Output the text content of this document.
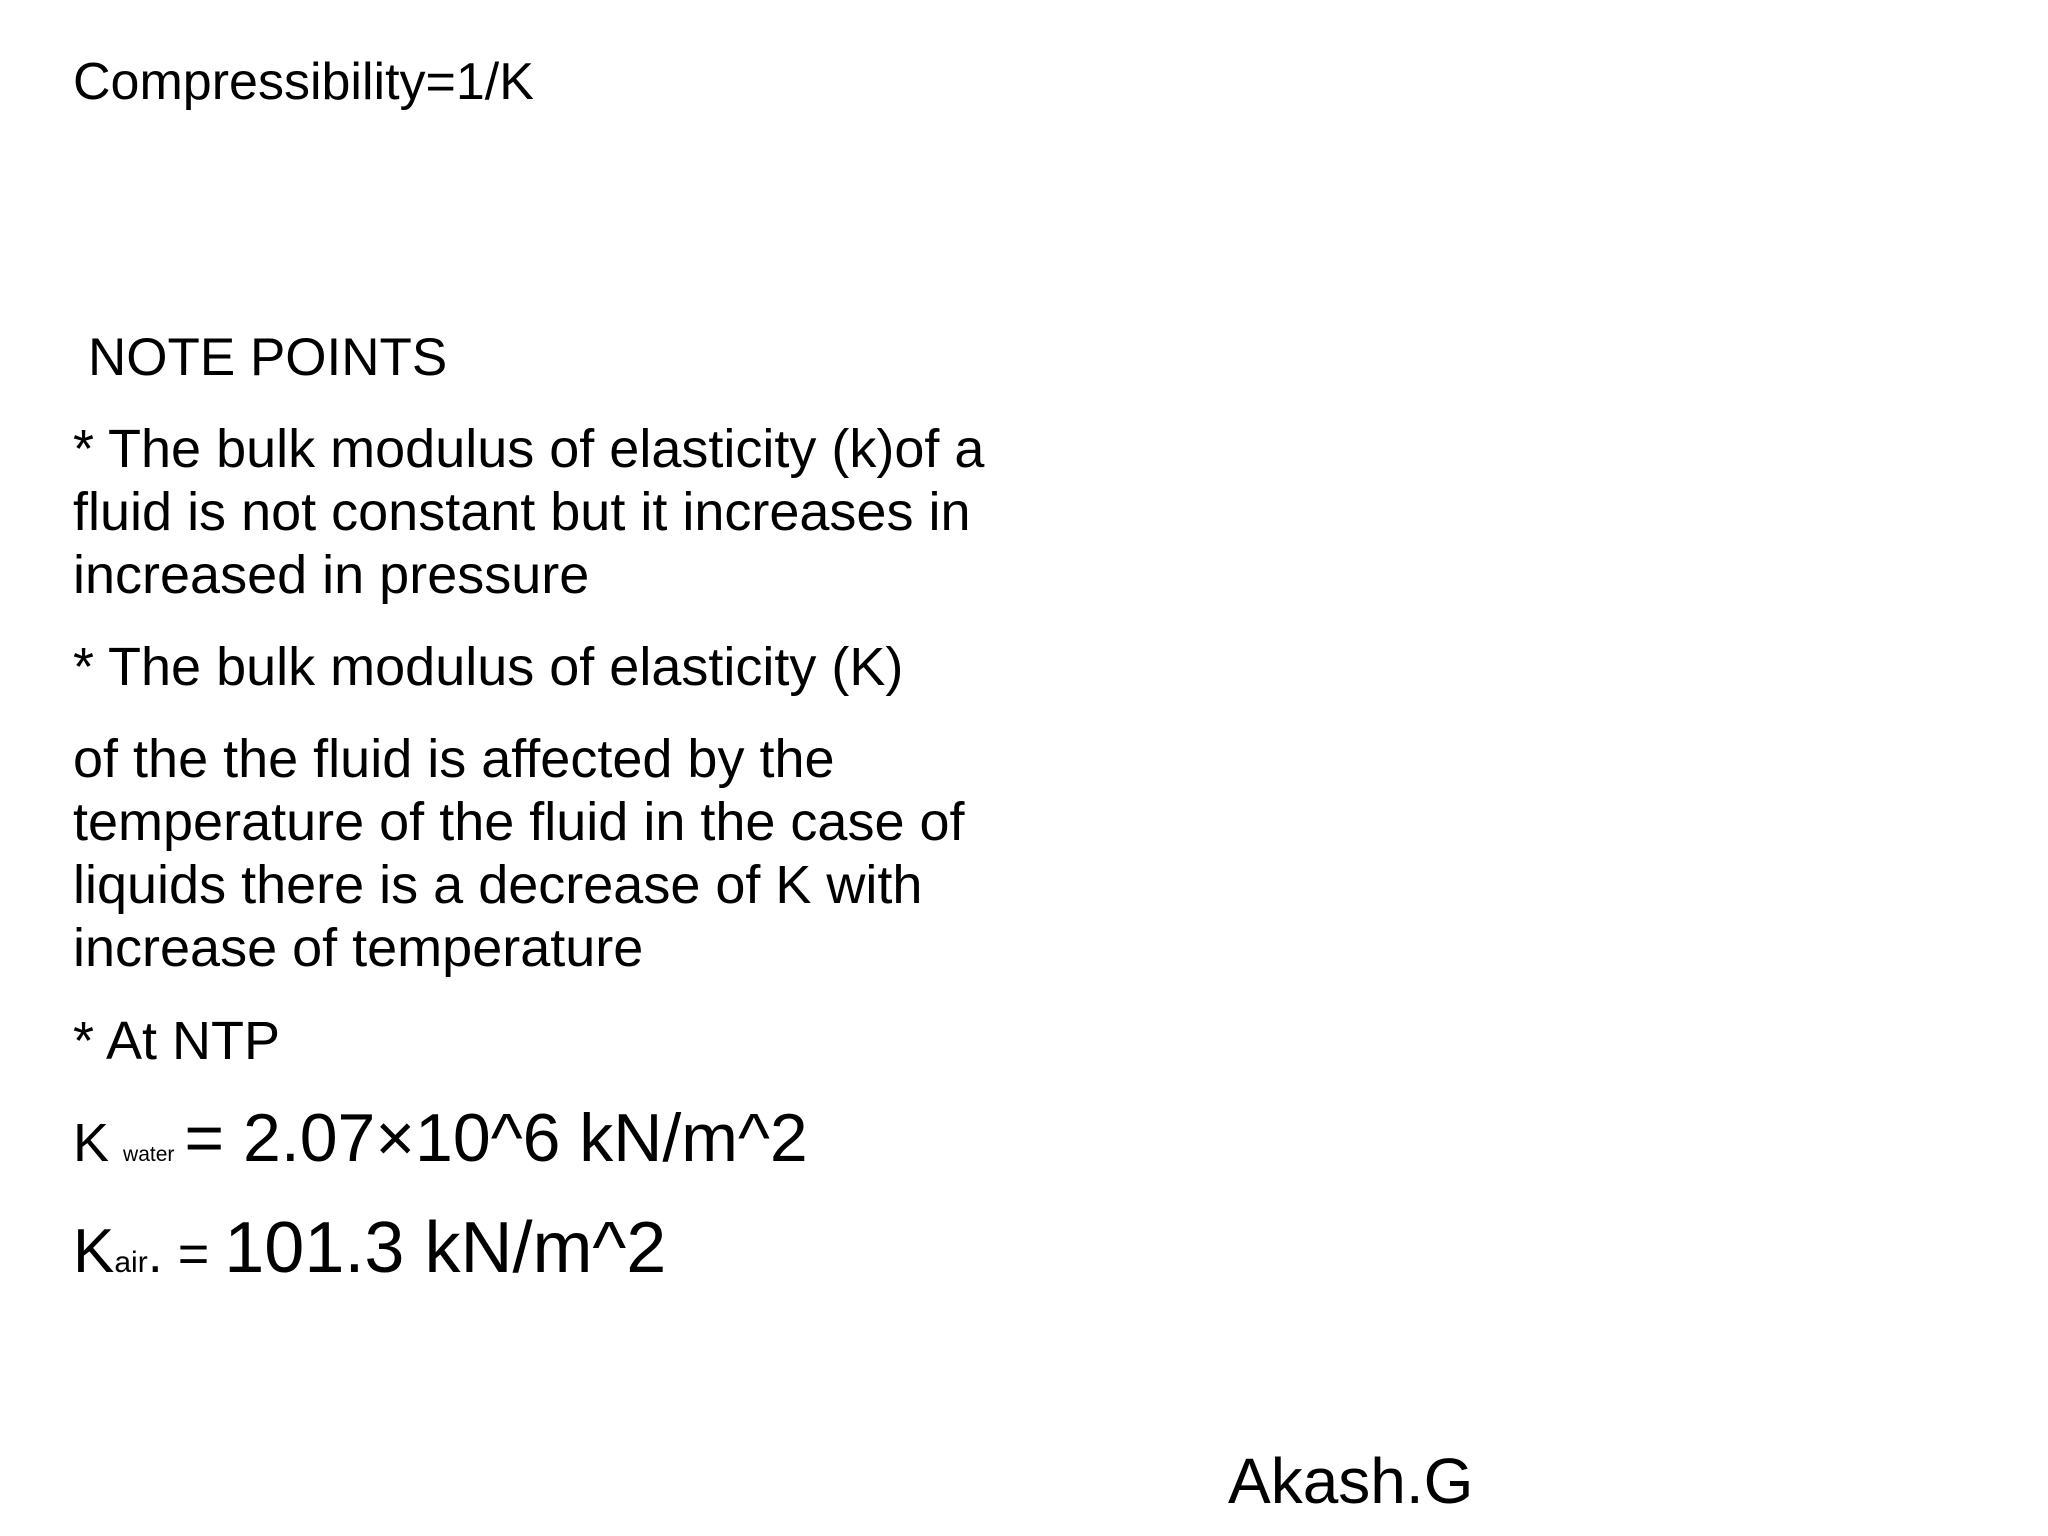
Compressibility=1/K
NOTE POINTS
* The bulk modulus of elasticity (k)of a
fluid is not constant but it increases in
increased in pressure
* The bulk modulus of elasticity (K)
of the the fluid is affected by the
temperature of the fluid in the case of
liquids there is a decrease of K with
increase of temperature
* At NTP
Kwater = 2.07×10^6 kN/m^2
Kair. = 101.3 kN/m^2
Akash.G
